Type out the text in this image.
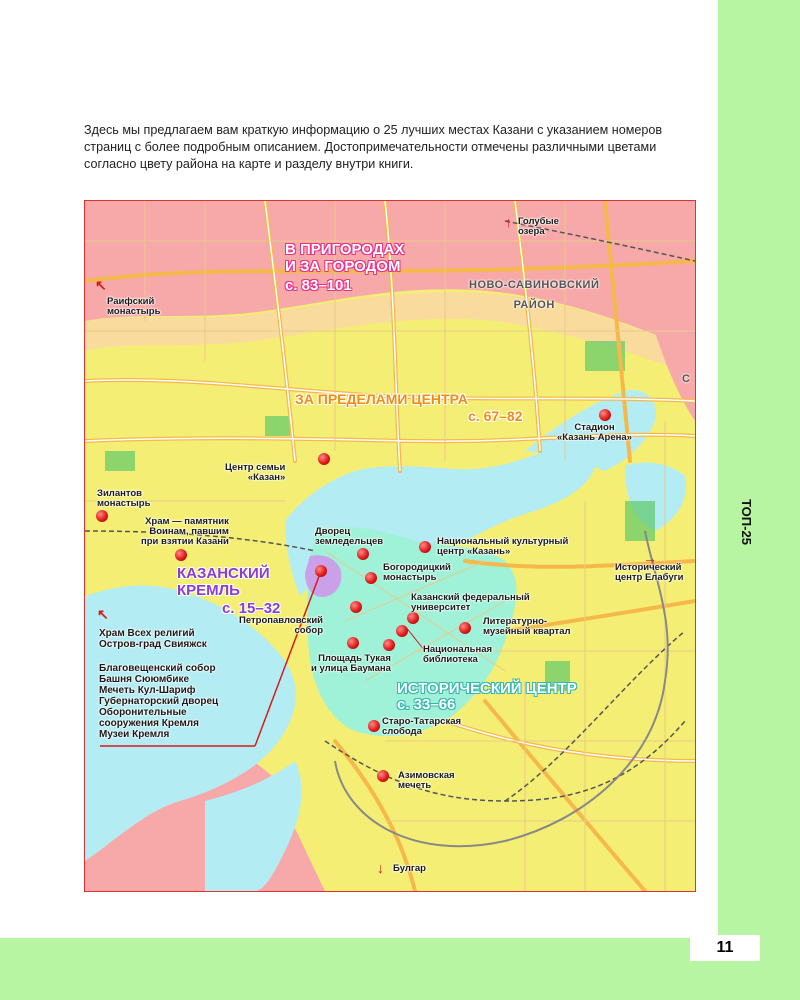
ТОП-25
11
Здесь мы предлагаем вам краткую информацию о 25 лучших местах Казани с указанием номеров страниц с более подробным описанием. Достопримечательности отмечены различными цветами согласно цвету района на карте и разделу внутри книги.
↑
↖
↖
→
↓
В ПРИГОРОДАХ
И ЗА ГОРОДОМ
с. 83–101
ЗА ПРЕДЕЛАМИ ЦЕНТРА
с. 67–82
КАЗАНСКИЙ
КРЕМЛЬ
с. 15–32
ИСТОРИЧЕСКИЙ ЦЕНТР
с. 33–66
НОВО-САВИНОВСКИЙ
РАЙОН
С
Голубые
озера
Раифский
монастырь
Стадион
«Казань Арена»
Центр семьи
«Казан»
Зилантов
монастырь
Храм — памятник
Воинам, павшим
при взятии Казани
Дворец
земледельцев	Национальный культурный
центр «Казань»
Богородицкий
монастырь
Исторический
центр Елабуги
Казанский федеральный
университет
Литературно-
музейный квартал
Петропавловский
собор
Национальная
библиотека
Площадь Тукая
и улица Баумана
Старо-Татарская
слобода
Азимовская
мечеть
Булгар
Храм Всех религий
Остров-град Свияжск
Благовещенский собор
Башня Сююмбике
Мечеть Кул-Шариф
Губернаторский дворец
Оборонительные
сооружения Кремля
Музеи Кремля
